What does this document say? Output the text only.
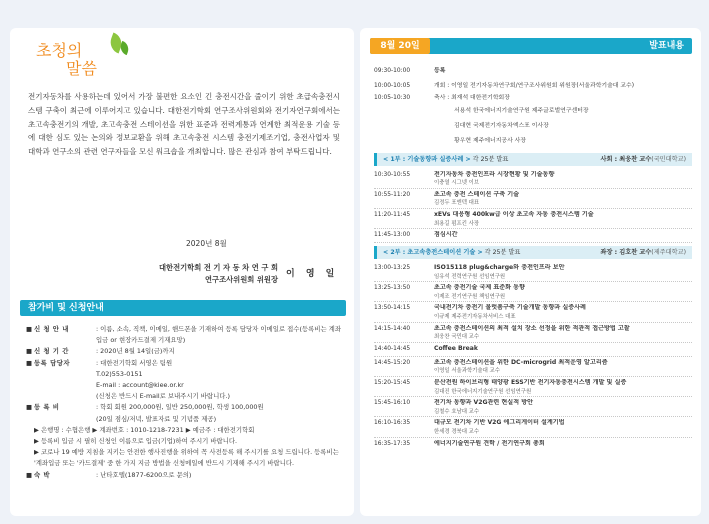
초청의
말씀

전기자동차를 사용하는데 있어서 가장 불편한 요소인 긴 충전시간을 줄이기 위한 초급속충전시스템 구축이 최근에 이루어지고 있습니다. 대한전기학회 연구조사위원회와 전기자연구회에서는 초고속충전기의 개발, 초고속충전 스테이션을 위한 표준과 전력계통과 연계한 최적운용 기술 등에 대한 심도 있는 논의와 정보교환을 위해 초고속충전 시스템 충전기제조기업, 충전사업자 및 대학과 연구소의 관련 연구자들을 모신 워크숍을 개최합니다. 많은 관심과 참여 부탁드립니다.

2020년 8월
대한전기학회 전 기 자 동 차 연 구 회
연구조사위원회 위원장
이 영 일
참가비 및 신청안내
■ 신 청 안 내	: 이름, 소속, 직책, 이메일, 핸드폰을 기재하여 등록 담당자 이메일로 접수(등록비는 계좌입금 or 현장카드결제 기재요망)
■ 신 청 기 간	: 2020년 8월 14일(금)까지
■ 등록 담당자	: 대한전기학회 서영은 팀원
T.02)553-0151
E-mail : account@kiee.or.kr
(신청은 반드시 E-mail로 보내주시기 바랍니다.)
■ 등 록 비	: 학회 회원 200,000원, 일반 250,000원, 학생 100,000원
(20일 점심/저녁, 발표자료 및 기념품 제공)
▶ 은행명 : 수협은행 ▶ 계좌번호 : 1010-1218-7231 ▶ 예금주 : 대한전기학회
▶ 등록비 입금 시 필히 신청인 이름으로 입금(기업)하여 주시기 바랍니다.
▶ 코로나 19 예방 지침을 지키는 안전한 행사진행을 위하여 꼭 사전등록 해 주시기를 요청 드립니다. 등록비는 '계좌입금 또는 '카드결제' 중 한 가지 지금 방법을 신청메일에 반드시 기재해 주시기 바랍니다.
■ 숙 박	: 난타호텔(1877-6200으로 문의)
8월 20일	발표내용
09:30-10:00	등록
10:00-10:05	개회 : 이영일 전기자동차연구회/연구조사위원회 위원장(서울과학기술대 교수)
10:05-10:30	축사 : 최재석 대한전기학회장
서용석 한국에너지기술연구원 제주글로벌연구센터장
김대현 국제전기자동차엑스포 이사장
황우현 제주에너지공사 사장
< 1부 : 기술동향과 실증사례 > 각 25분 발표	사회 : 최웅찬 교수(국민대학교)
10:30-10:55	전기자동차 충전인프라 시장현황 및 기술동향
이충열 시그넷 이브
10:55-11:20	초고속 충전 스테이션 구축 기술
김정두 포엔텍 대표
11:20-11:45	xEVs 대응형 400kw급 이상 초고속 자동 충전시스템 기술
최용길 펌프킨 사장
11:45-13:00	점심시간
< 2부 : 초고속충전스테이션 기술 > 각 25분 발표	좌장 : 김호찬 교수(제주대학교)
13:00-13:25	ISO15118 plug&charge와 충전인프라 보안
임유석 전력연구원 선임연구원
13:25-13:50	초고속 충전기술 국제 표준화 동향
이제조 전기연구원 책임연구원
13:50-14:15	국내전기차 충전기 물럿폼구축 기술개발 동향과 실증사례
이규제 제주전기자동차서비스 대표
14:15-14:40	초고속 충전스테이션의 최적 설치 장소 선정을 위한 적관적 접근방법 고찰
최웅찬 국민대 교수
14:40-14:45	Coffee Break
14:45-15:20	초고속 충전스테이션을 위한 DC-microgrid 최적운영 알고리즘
이영일 서울과학기술대 교수
15:20-15:45	분산전원 하이브리형 태양광 ESS기반 전기자동충전시스템 개발 및 실증
김대진 한국에너지기술연구원 선임연구원
15:45-16:10	전기차 동향과 V2G관련 현실적 방안
김철수 호남대 교수
16:10-16:35	대규모 전기차 기반 V2G 에그리게이터 설계기법
한세경 경북대 교수
16:35-17:35	에너지기술연구원 견학 / 전기연구회 총회
